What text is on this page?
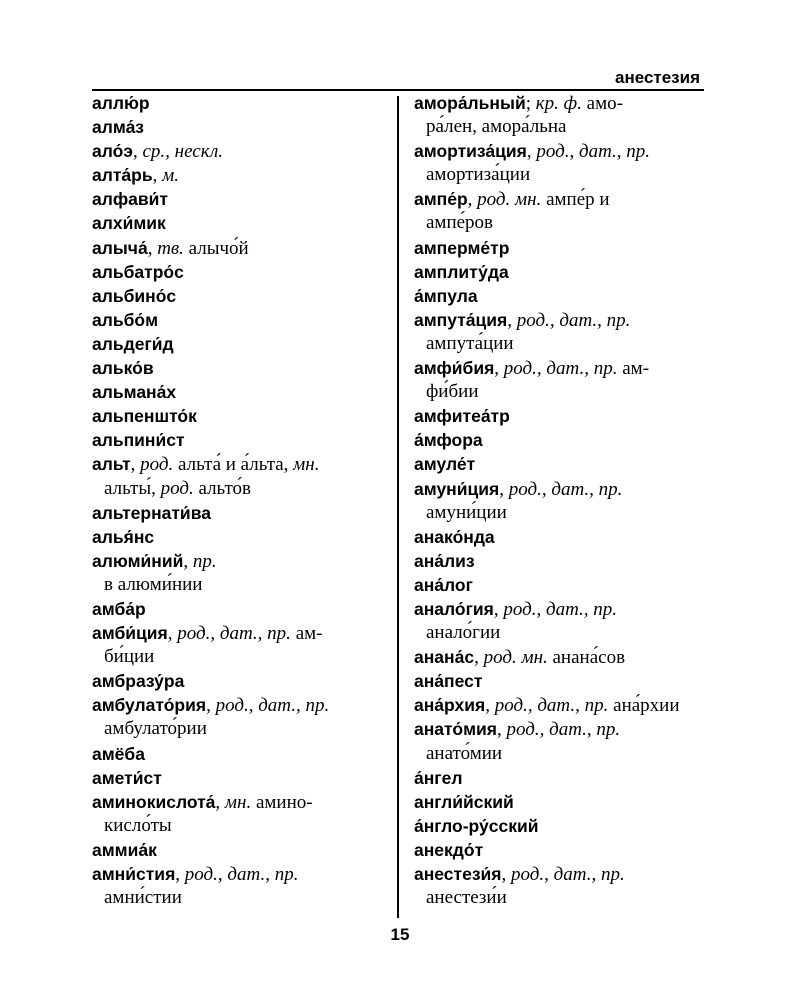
анестезия
аллю́р
алма́з
ало́э, ср., нескл.
алта́рь, м.
алфави́т
алхи́мик
алыча́, тв. алычо́й
альбатро́с
альбино́с
альбо́м
альдеги́д
алько́в
альмана́х
альпеншто́к
альпини́ст
альт, род. альта́ и а́льта, мн.
альты́, род. альто́в
альтернати́ва
алья́нс
алюми́ний, пр.
в алюми́нии
амба́р
амби́ция, род., дат., пр. ам-
би́ции
амбразу́ра
амбулато́рия, род., дат., пр.
амбулато́рии
амёба
амети́ст
аминокислота́, мн. амино-
кисло́ты
аммиа́к
амни́стия, род., дат., пр.
амни́стии
амора́льный; кр. ф. амо-
ра́лен, амора́льна
амортиза́ция, род., дат., пр.
амортиза́ции
ампе́р, род. мн. ампе́р и
ампе́ров
амперме́тр
амплиту́да
а́мпула
ампута́ция, род., дат., пр.
ампута́ции
амфи́бия, род., дат., пр. ам-
фи́бии
амфитеа́тр
а́мфора
амуле́т
амуни́ция, род., дат., пр.
амуни́ции
анако́нда
ана́лиз
ана́лог
анало́гия, род., дат., пр.
анало́гии
анана́с, род. мн. анана́сов
ана́пест
ана́рхия, род., дат., пр. ана́рхии
анато́мия, род., дат., пр.
анато́мии
а́нгел
англи́йский
а́нгло-ру́сский
анекдо́т
анестези́я, род., дат., пр.
анестези́и
15
